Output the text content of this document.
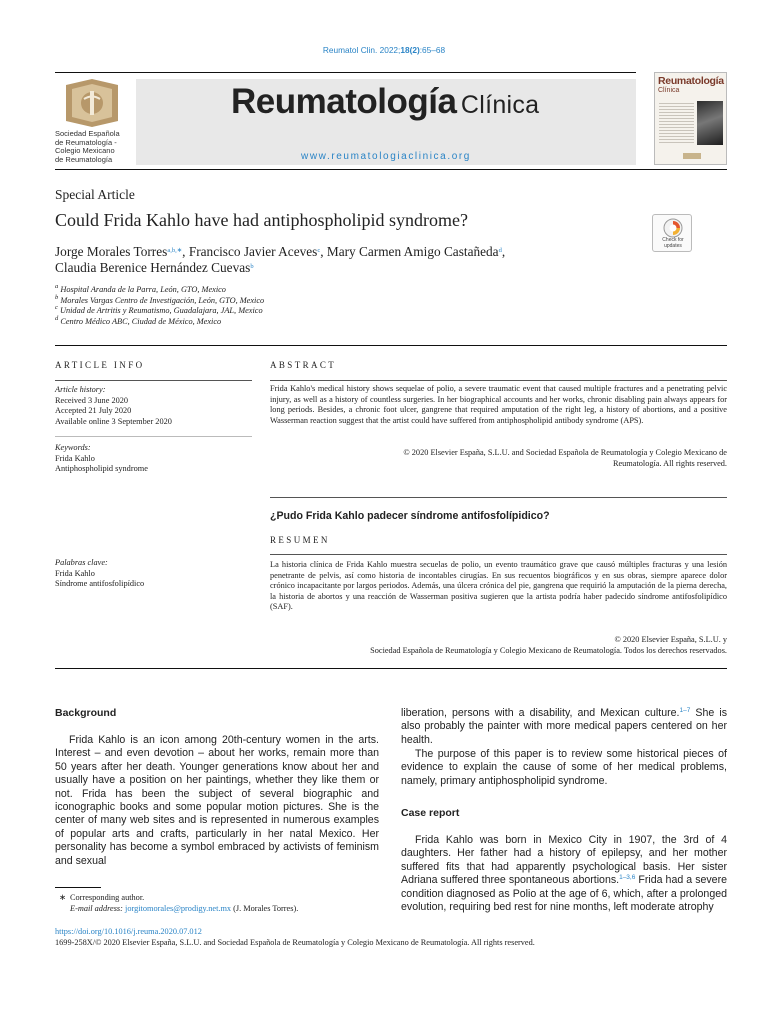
Reumatol Clin. 2022;18(2):65–68
Sociedad Española
de Reumatología -
Colegio Mexicano
de Reumatología
Reumatología Clínica
www.reumatologiaclinica.org
Reumatología
Clínica
Special Article
Could Frida Kahlo have had antiphospholipid syndrome?
Check for
updates
Jorge Morales Torres$^{a,b,∗}$, Francisco Javier Aceves$^c$, Mary Carmen Amigo Castañeda$^d$,
Claudia Berenice Hernández Cuevas$^b$
$^a$ Hospital Aranda de la Parra, León, GTO, Mexico
$^b$ Morales Vargas Centro de Investigación, León, GTO, Mexico
$^c$ Unidad de Artritis y Reumatismo, Guadalajara, JAL, Mexico
$^d$ Centro Médico ABC, Ciudad de México, Mexico
ARTICLE INFO
Article history:
Received 3 June 2020
Accepted 21 July 2020
Available online 3 September 2020
Keywords:
Frida Kahlo
Antiphospholipid syndrome
Palabras clave:
Frida Kahlo
Síndrome antifosfolipídico
ABSTRACT
Frida Kahlo's medical history shows sequelae of polio, a severe traumatic event that caused multiple fractures and a penetrating pelvic injury, as well as a history of countless surgeries. In her biographical accounts and her works, chronic disabling pain always appears for long periods. Besides, a chronic foot ulcer, gangrene that required amputation of the right leg, a history of abortions, and a positive Wasserman reaction suggest that the artist could have suffered from antiphospholipid antibody syndrome (APS).
© 2020 Elsevier España, S.L.U. and Sociedad Española de Reumatología y Colegio Mexicano de
Reumatología. All rights reserved.
¿Pudo Frida Kahlo padecer síndrome antifosfolípidico?
RESUMEN
La historia clínica de Frida Kahlo muestra secuelas de polio, un evento traumático grave que causó múltiples fracturas y una lesión penetrante de pelvis, así como historia de incontables cirugías. En sus recuentos biográficos y en sus obras, siempre aparece dolor crónico incapacitante por largos periodos. Además, una úlcera crónica del pie, gangrena que requirió la amputación de la pierna derecha, la historia de abortos y una reacción de Wasserman positiva sugieren que la artista podría haber padecido síndrome antifosfolipídico (SAF).
© 2020 Elsevier España, S.L.U. y
Sociedad Española de Reumatología y Colegio Mexicano de Reumatología. Todos los derechos reservados.
Background
Frida Kahlo is an icon among 20th-century women in the arts. Interest – and even devotion – about her works, remain more than 50 years after her death. Younger generations know about her and usually have a position on her paintings, whether they like them or not. Frida has been the subject of several biographic and iconographic books and some popular motion pictures. She is the center of many web sites and is represented in numerous examples of popular arts and crafts, particularly in her natal Mexico. Her personality has become a symbol embraced by activists of feminism and sexual
liberation, persons with a disability, and Mexican culture.$^{1-7}$ She is also probably the painter with more medical papers centered on her health.
The purpose of this paper is to review some historical pieces of evidence to explain the cause of some of her medical problems, namely, primary antiphospholipid syndrome.
Case report
Frida Kahlo was born in Mexico City in 1907, the 3rd of 4 daughters. Her father had a history of epilepsy, and her mother suffered fits that had apparently psychological basis. Her sister Adriana suffered three spontaneous abortions.$^{1-3,6}$ Frida had a severe condition diagnosed as Polio at the age of 6, which, after a prolonged evolution, requiring bed rest for nine months, left moderate atrophy
∗ Corresponding author.
E-mail address: jorgitomorales@prodigy.net.mx (J. Morales Torres).
https://doi.org/10.1016/j.reuma.2020.07.012
1699-258X/© 2020 Elsevier España, S.L.U. and Sociedad Española de Reumatología y Colegio Mexicano de Reumatología. All rights reserved.
